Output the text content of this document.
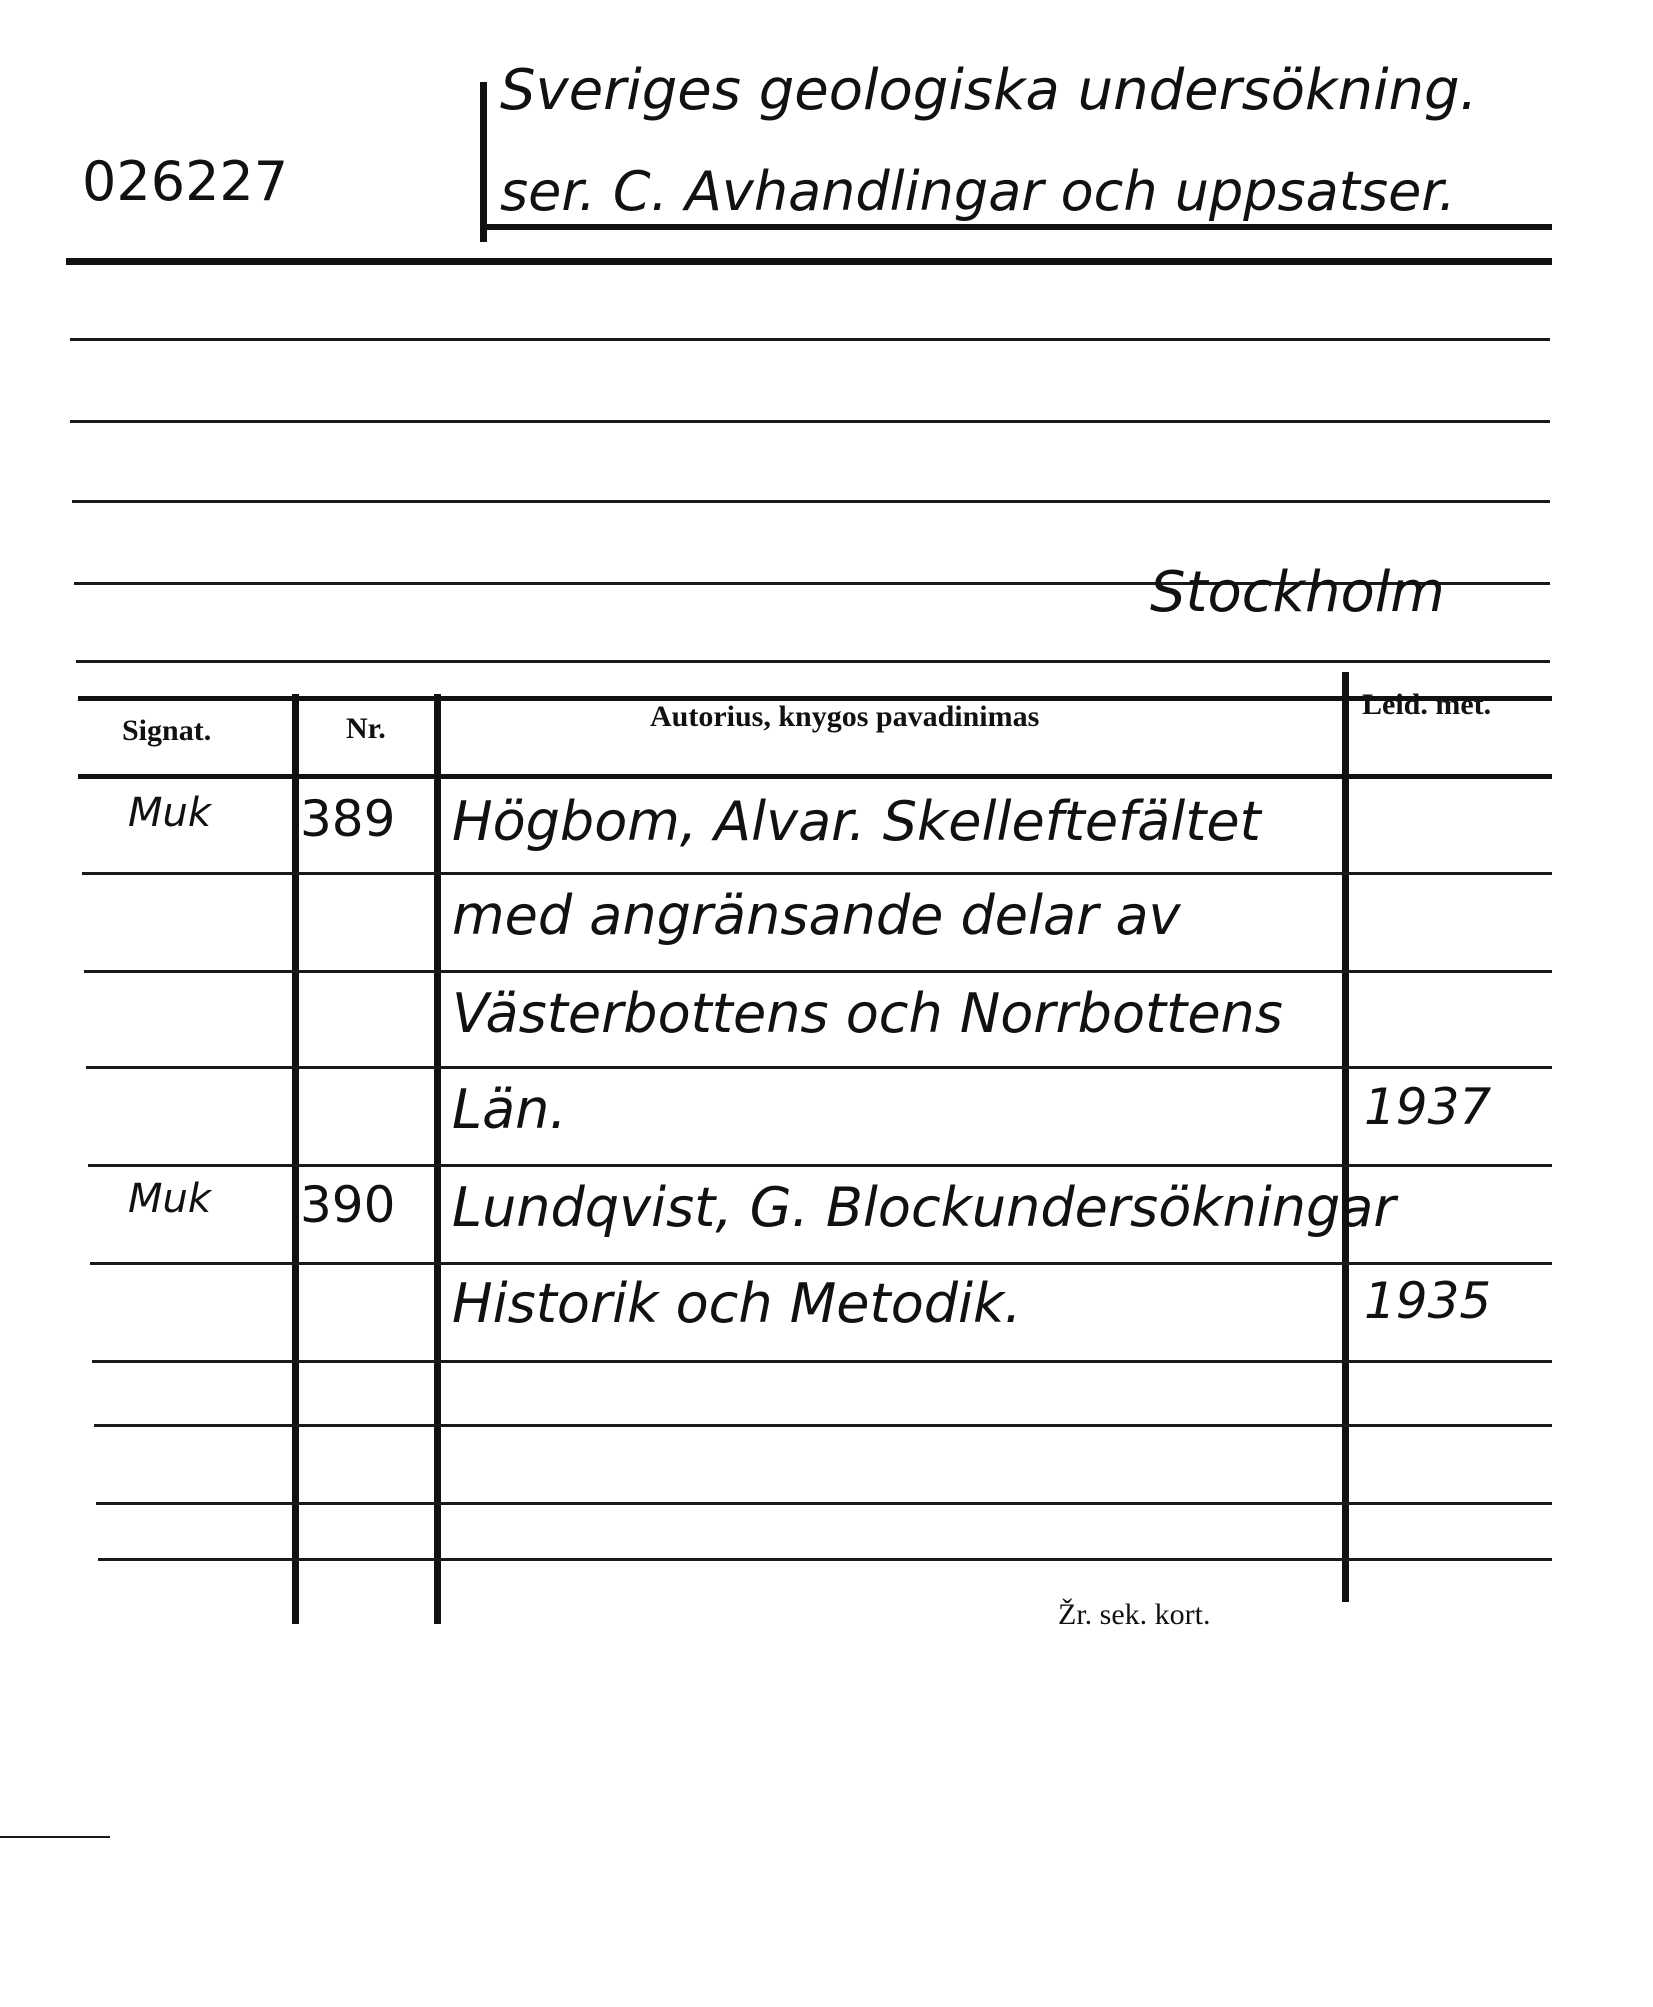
026227
Sveriges geologiska undersökning.
ser. C. Avhandlingar och uppsatser.
Stockholm
Signat.	Nr.	Autorius, knygos pavadinimas	Leid. met.
Muk 389 Högbom, Alvar. Skelleftefältet
med angränsande delar av
Västerbottens och Norrbottens
Län.	1937
Muk 390 Lundqvist, G. Blockundersökningar
Historik och Metodik.	1935
Žr. sek. kort.
